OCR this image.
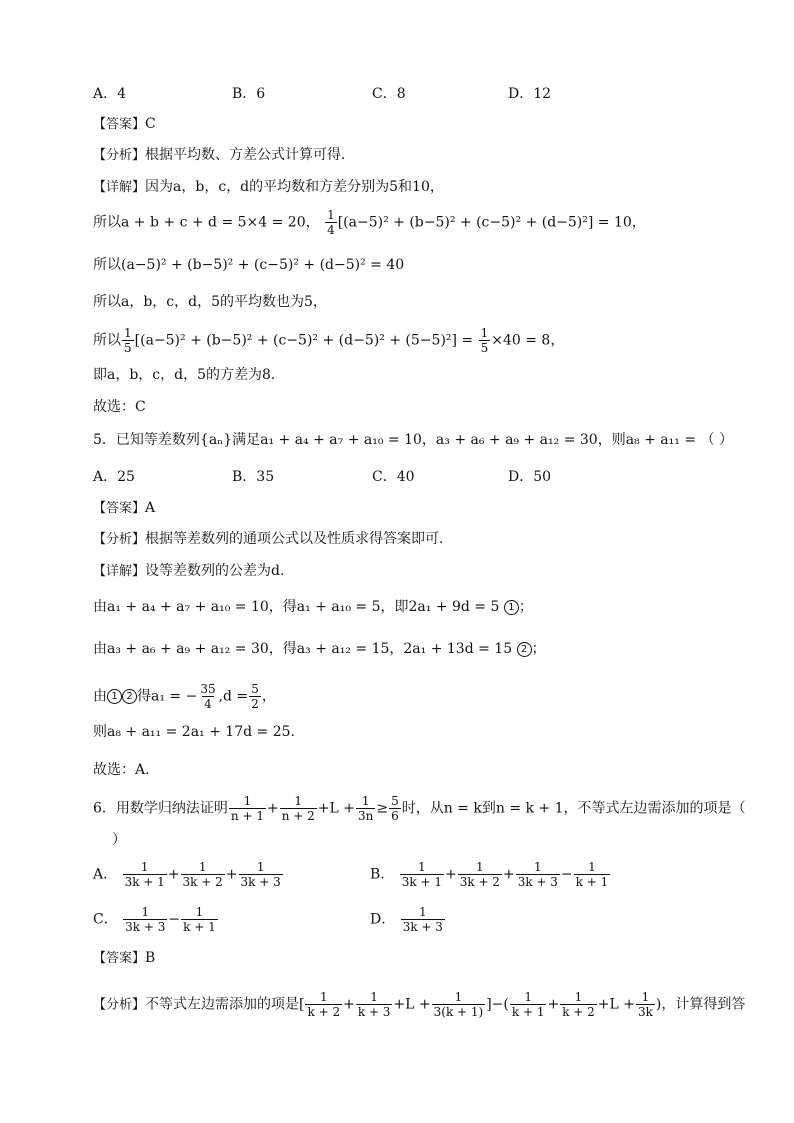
A．4	B．6	C．8	D．12
【答案】C
【分析】根据平均数、方差公式计算可得.
【详解】因为a，b，c，d的平均数和方差分别为5和10，
所以a + b + c + d = 5×4 = 20， $\frac{1}{4} [(a-5)^2 + (b-5)^2 + (c-5)^2 + (d-5)^2] = 10$，
所以(a−5)² + (b−5)² + (c−5)² + (d−5)² = 40
所以a，b，c，d，5的平均数也为5，
所以 $\frac{1}{5} [(a-5)^2 + (b-5)^2 + (c-5)^2 + (d-5)^2 + (5-5)^2] = \frac{1}{5} \times 40 = 8$，
即a，b，c，d，5的方差为8.
故选：C
5．已知等差数列{aₙ}满足a₁ + a₄ + a₇ + a₁₀ = 10，a₃ + a₆ + a₉ + a₁₂ = 30，则a₈ + a₁₁ = （ ）
A．25	B．35	C．40	D．50
【答案】A
【分析】根据等差数列的通项公式以及性质求得答案即可.
【详解】设等差数列的公差为d.
由a₁ + a₄ + a₇ + a₁₀ = 10，得a₁ + a₁₀ = 5，即2a₁ + 9d = 5 1 ；
由a₃ + a₆ + a₉ + a₁₂ = 30，得a₃ + a₁₂ = 15，2a₁ + 13d = 15 2 ；
由 1 2 得a₁ = − $\frac{35}{4} ,d = \frac{5}{2}$ ，
则a₈ + a₁₁ = 2a₁ + 17d = 25.
故选：A.
6．用数学归纳法证明 $\frac{1}{n + 1} + \frac{1}{n + 2} +L + \frac{1}{3n} \ge \frac{5}{6}$ 时，从n = k到n = k + 1，不等式左边需添加的项是（
）
A． $\frac{1}{3k + 1} + \frac{1}{3k + 2} + \frac{1}{3k + 3}$	B． $\frac{1}{3k + 1} + \frac{1}{3k + 2} + \frac{1}{3k + 3} - \frac{1}{k + 1}$
C． $\frac{1}{3k + 3} - \frac{1}{k + 1}$	D． $\frac{1}{3k + 3}$
【答案】B
【分析】不等式左边需添加的项是[ $\frac{1}{k + 2} + \frac{1}{k + 3} +L + \frac{1}{3(k + 1)}$ ]−( $\frac{1}{k + 1} + \frac{1}{k + 2} +L + \frac{1}{3k}$ )，计算得到答
